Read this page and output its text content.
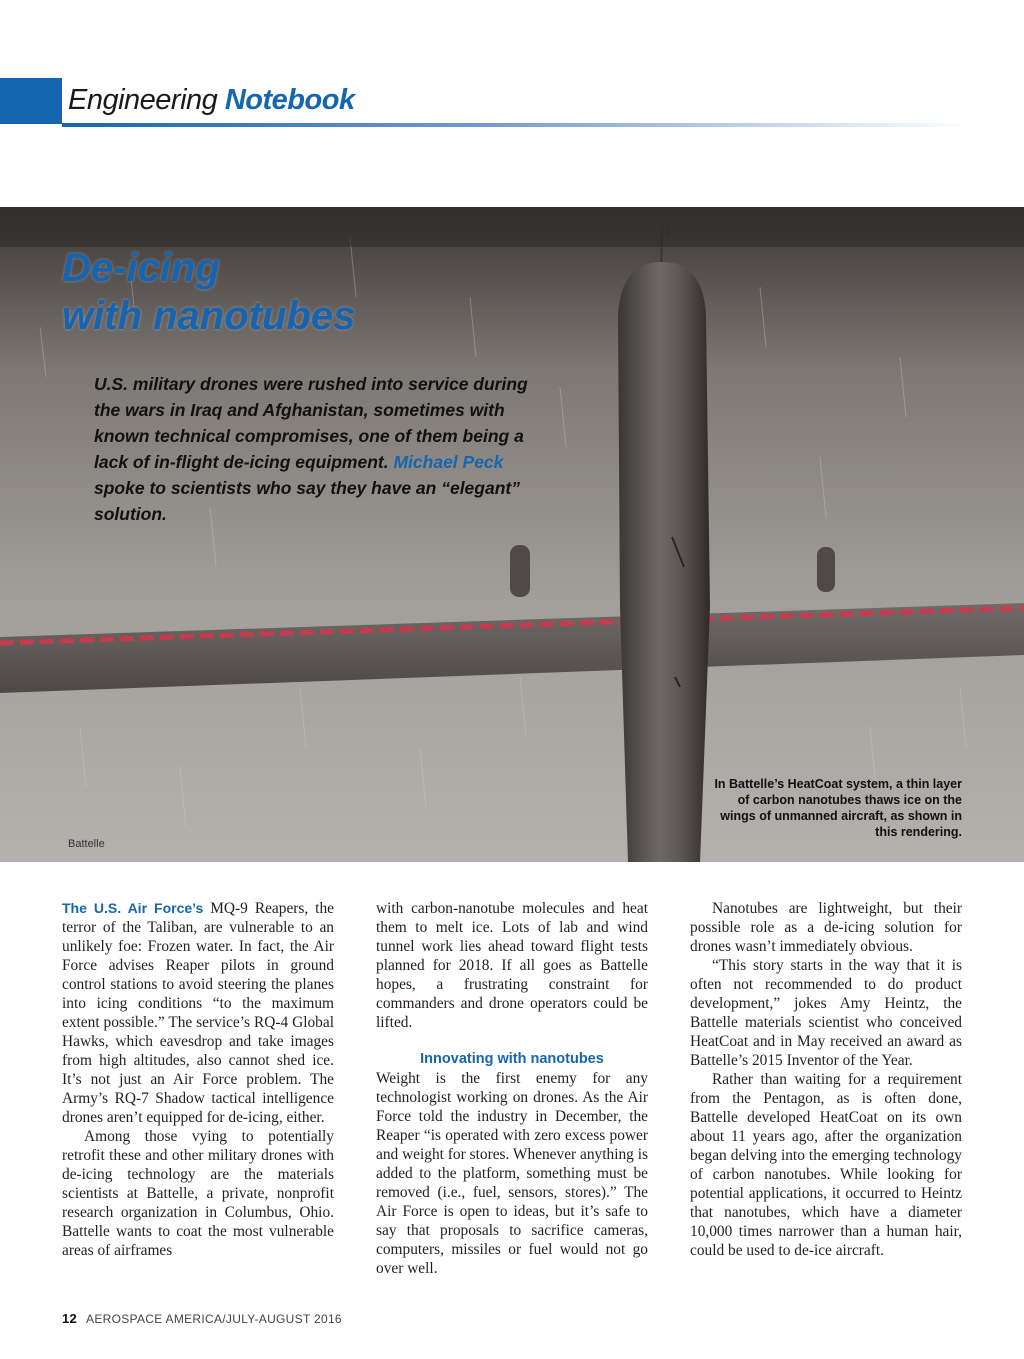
Engineering Notebook
De-icing
with nanotubes
U.S. military drones were rushed into service during the wars in Iraq and Afghanistan, sometimes with known technical compromises, one of them being a lack of in-flight de-icing equipment. Michael Peck spoke to scientists who say they have an “elegant” solution.
In Battelle’s HeatCoat system, a thin layer of carbon nanotubes thaws ice on the wings of unmanned aircraft, as shown in this rendering.
Battelle

The U.S. Air Force’s MQ-9 Reapers, the terror of the Taliban, are vulnerable to an unlikely foe: Frozen water. In fact, the Air Force advises Reaper pilots in ground control stations to avoid steering the planes into icing conditions “to the maximum extent possible.” The service’s RQ-4 Global Hawks, which eavesdrop and take images from high altitudes, also cannot shed ice. It’s not just an Air Force problem. The Army’s RQ-7 Shadow tactical intelligence drones aren’t equipped for de-icing, either.

Among those vying to potentially retrofit these and other military drones with de-icing technology are the materials scientists at Battelle, a private, nonprofit research organization in Columbus, Ohio. Battelle wants to coat the most vulnerable areas of airframes

with carbon-nanotube molecules and heat them to melt ice. Lots of lab and wind tunnel work lies ahead toward flight tests planned for 2018. If all goes as Battelle hopes, a frustrating constraint for commanders and drone operators could be lifted.

Innovating with nanotubes

Weight is the first enemy for any technologist working on drones. As the Air Force told the industry in December, the Reaper “is operated with zero excess power and weight for stores. Whenever anything is added to the platform, something must be removed (i.e., fuel, sensors, stores).” The Air Force is open to ideas, but it’s safe to say that proposals to sacrifice cameras, computers, missiles or fuel would not go over well.

Nanotubes are lightweight, but their possible role as a de-icing solution for drones wasn’t immediately obvious.

“This story starts in the way that it is often not recommended to do product development,” jokes Amy Heintz, the Battelle materials scientist who conceived HeatCoat and in May received an award as Battelle’s 2015 Inventor of the Year.

Rather than waiting for a requirement from the Pentagon, as is often done, Battelle developed HeatCoat on its own about 11 years ago, after the organization began delving into the emerging technology of carbon nanotubes. While looking for potential applications, it occurred to Heintz that nanotubes, which have a diameter 10,000 times narrower than a human hair, could be used to de-ice aircraft.

12 AEROSPACE AMERICA/JULY-AUGUST 2016
